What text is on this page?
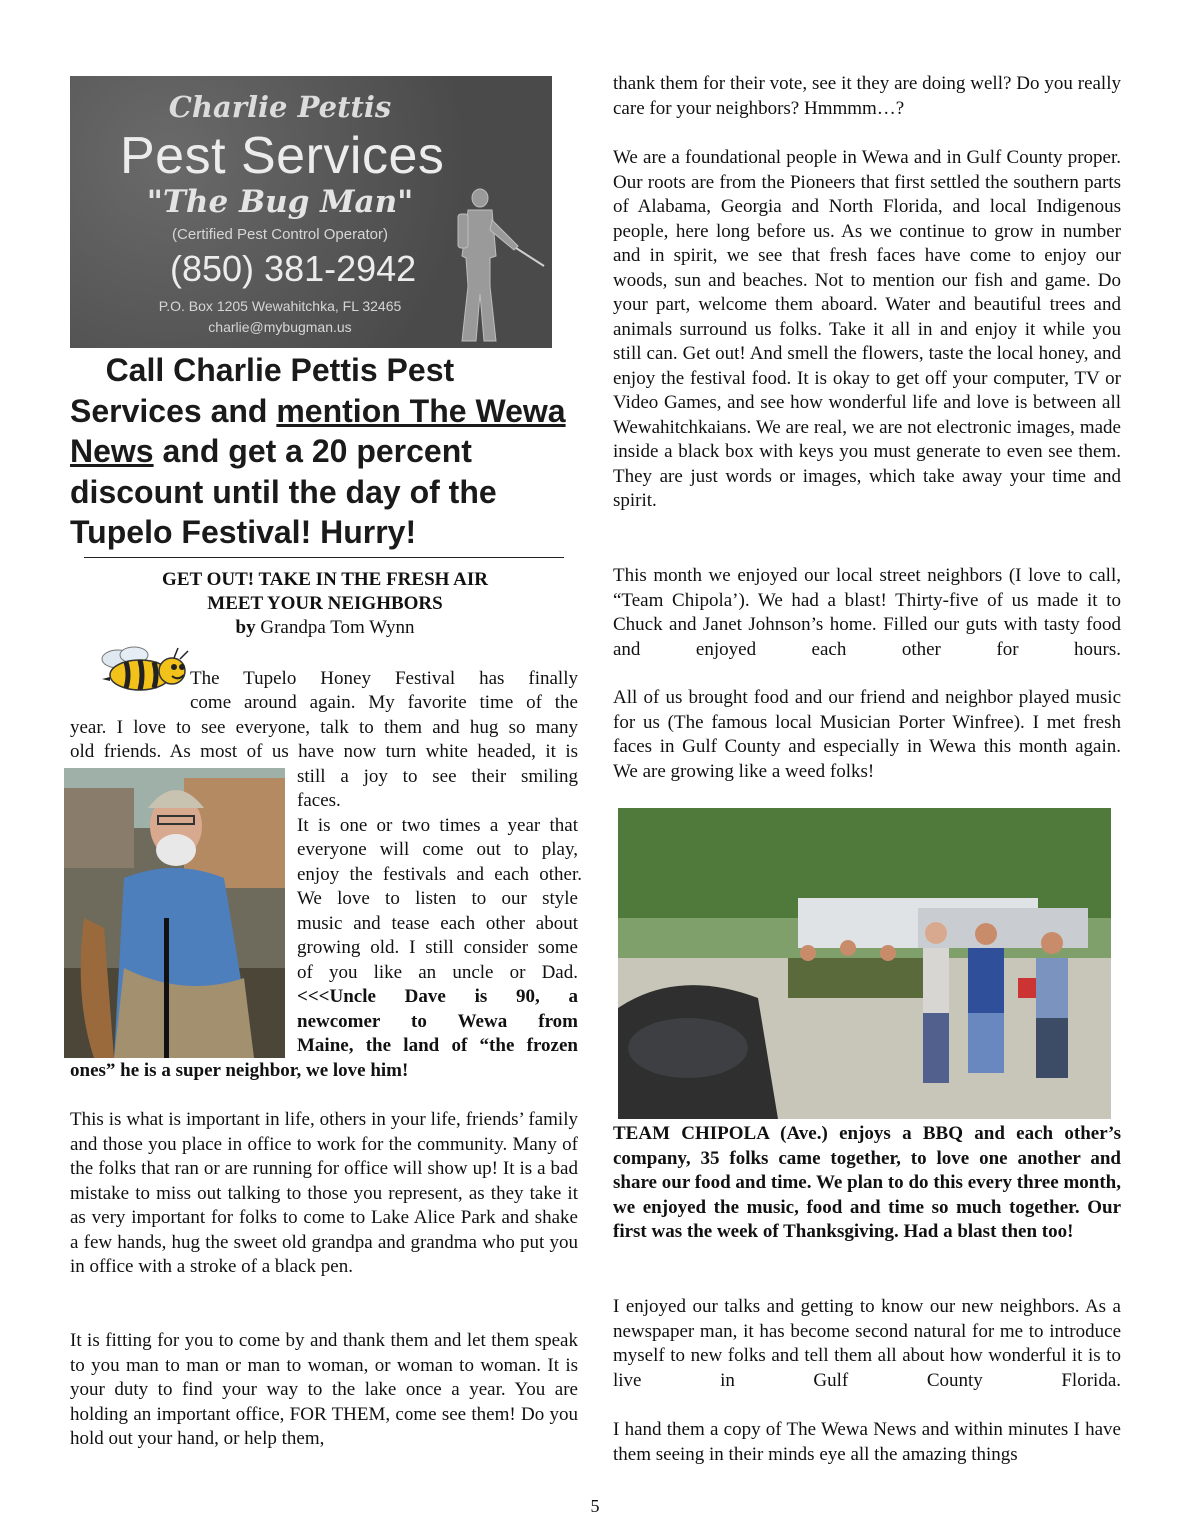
Charlie Pettis
Pest Services
"The Bug Man"
(Certified Pest Control Operator)
(850) 381-2942
P.O. Box 1205 Wewahitchka, FL 32465
charlie@mybugman.us
Call Charlie Pettis Pest Services and mention The Wewa News and get a 20 percent discount until the day of the Tupelo Festival! Hurry!
GET OUT! TAKE IN THE FRESH AIR
MEET YOUR NEIGHBORS
by Grandpa Tom Wynn

The Tupelo Honey Festival has finally

come around again. My favorite time of the

year. I love to see everyone, talk to them and hug so many

old friends. As most of us have now turn white headed, it is

still a joy to see their smiling

faces.

It is one or two times a year that

everyone will come out to play,

enjoy the festivals and each other.

We love to listen to our style

music and tease each other about

growing old. I still consider some

of you like an uncle or Dad.

<<<Uncle Dave is 90, a

newcomer to Wewa from

Maine, the land of “the frozen

ones” he is a super neighbor, we love him!

This is what is important in life, others in your life, friends’ family and those you place in office to work for the community. Many of the folks that ran or are running for office will show up! It is a bad mistake to miss out talking to those you represent, as they take it as very important for folks to come to Lake Alice Park and shake a few hands, hug the sweet old grandpa and grandma who put you in office with a stroke of a black pen.

It is fitting for you to come by and thank them and let them speak to you man to man or man to woman, or woman to woman. It is your duty to find your way to the lake once a year. You are holding an important office, FOR THEM, come see them! Do you hold out your hand, or help them,

thank them for their vote, see it they are doing well? Do you really care for your neighbors? Hmmmm…?

We are a foundational people in Wewa and in Gulf County proper. Our roots are from the Pioneers that first settled the southern parts of Alabama, Georgia and North Florida, and local Indigenous people, here long before us. As we continue to grow in number and in spirit, we see that fresh faces have come to enjoy our woods, sun and beaches. Not to mention our fish and game. Do your part, welcome them aboard. Water and beautiful trees and animals surround us folks. Take it all in and enjoy it while you still can. Get out! And smell the flowers, taste the local honey, and enjoy the festival food. It is okay to get off your computer, TV or Video Games, and see how wonderful life and love is between all Wewahitchkaians. We are real, we are not electronic images, made inside a black box with keys you must generate to even see them. They are just words or images, which take away your time and spirit.

This month we enjoyed our local street neighbors (I love to call, “Team Chipola’). We had a blast! Thirty-five of us made it to Chuck and Janet Johnson’s home. Filled our guts with tasty food and enjoyed each other for hours.

All of us brought food and our friend and neighbor played music for us (The famous local Musician Porter Winfree). I met fresh faces in Gulf County and especially in Wewa this month again. We are growing like a weed folks!

TEAM CHIPOLA (Ave.) enjoys a BBQ and each other’s company, 35 folks came together, to love one another and share our food and time. We plan to do this every three month, we enjoyed the music, food and time so much together. Our first was the week of Thanksgiving. Had a blast then too!

I enjoyed our talks and getting to know our new neighbors. As a newspaper man, it has become second natural for me to introduce myself to new folks and tell them all about how wonderful it is to live in Gulf County Florida.

I hand them a copy of The Wewa News and within minutes I have them seeing in their minds eye all the amazing things

5
